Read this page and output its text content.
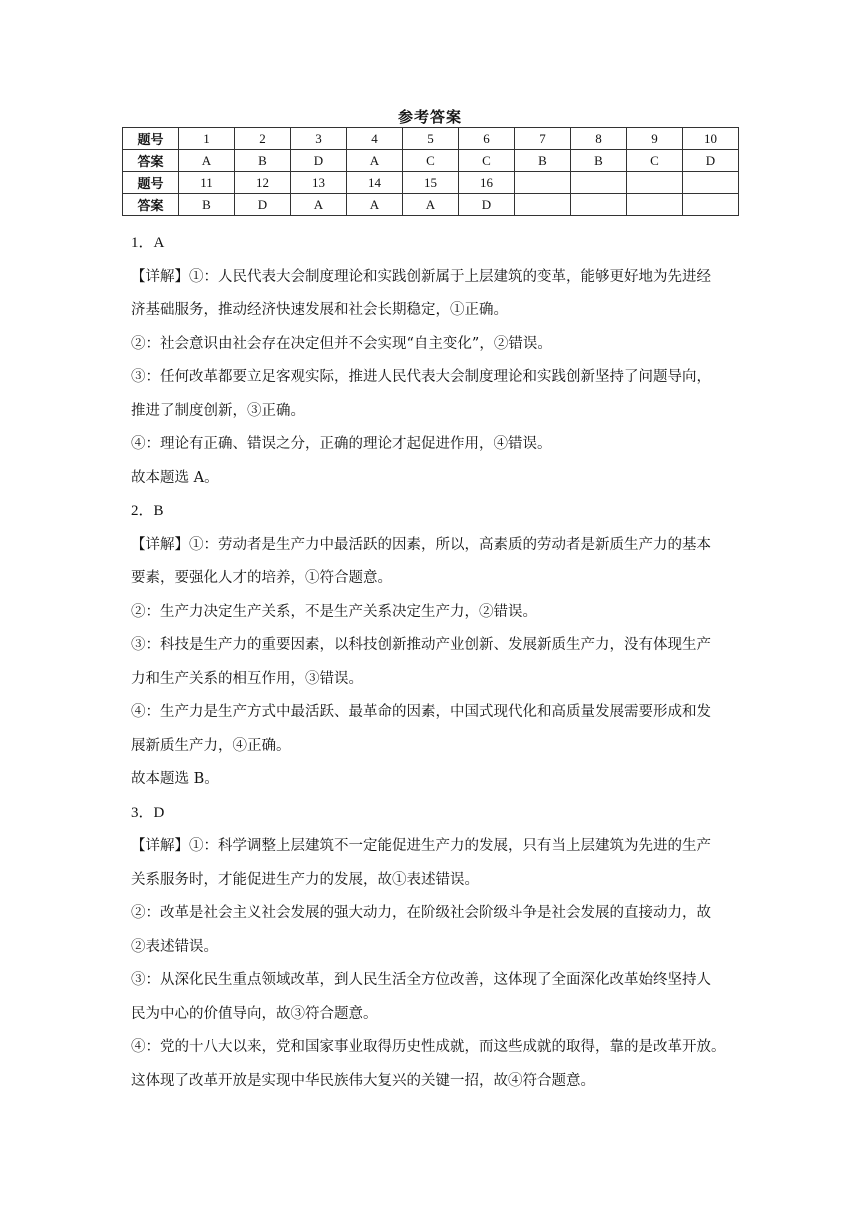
参考答案
题号	1	2	3	4	5	6	7	8	9	10
答案	A	B	D	A	C	C	B	B	C	D
题号	11	12	13	14	15	16				
答案	B	D	A	A	A	D				
1．A
【详解】①：人民代表大会制度理论和实践创新属于上层建筑的变革，能够更好地为先进经
济基础服务，推动经济快速发展和社会长期稳定，①正确。
②：社会意识由社会存在决定但并不会实现“自主变化”，②错误。
③：任何改革都要立足客观实际，推进人民代表大会制度理论和实践创新坚持了问题导向，
推进了制度创新，③正确。
④：理论有正确、错误之分，正确的理论才起促进作用，④错误。
故本题选 A。
2．B
【详解】①：劳动者是生产力中最活跃的因素，所以，高素质的劳动者是新质生产力的基本
要素，要强化人才的培养，①符合题意。
②：生产力决定生产关系，不是生产关系决定生产力，②错误。
③：科技是生产力的重要因素，以科技创新推动产业创新、发展新质生产力，没有体现生产
力和生产关系的相互作用，③错误。
④：生产力是生产方式中最活跃、最革命的因素，中国式现代化和高质量发展需要形成和发
展新质生产力，④正确。
故本题选 B。
3．D
【详解】①：科学调整上层建筑不一定能促进生产力的发展，只有当上层建筑为先进的生产
关系服务时，才能促进生产力的发展，故①表述错误。
②：改革是社会主义社会发展的强大动力，在阶级社会阶级斗争是社会发展的直接动力，故
②表述错误。
③：从深化民生重点领域改革，到人民生活全方位改善，这体现了全面深化改革始终坚持人
民为中心的价值导向，故③符合题意。
④：党的十八大以来，党和国家事业取得历史性成就，而这些成就的取得，靠的是改革开放。
这体现了改革开放是实现中华民族伟大复兴的关键一招，故④符合题意。
